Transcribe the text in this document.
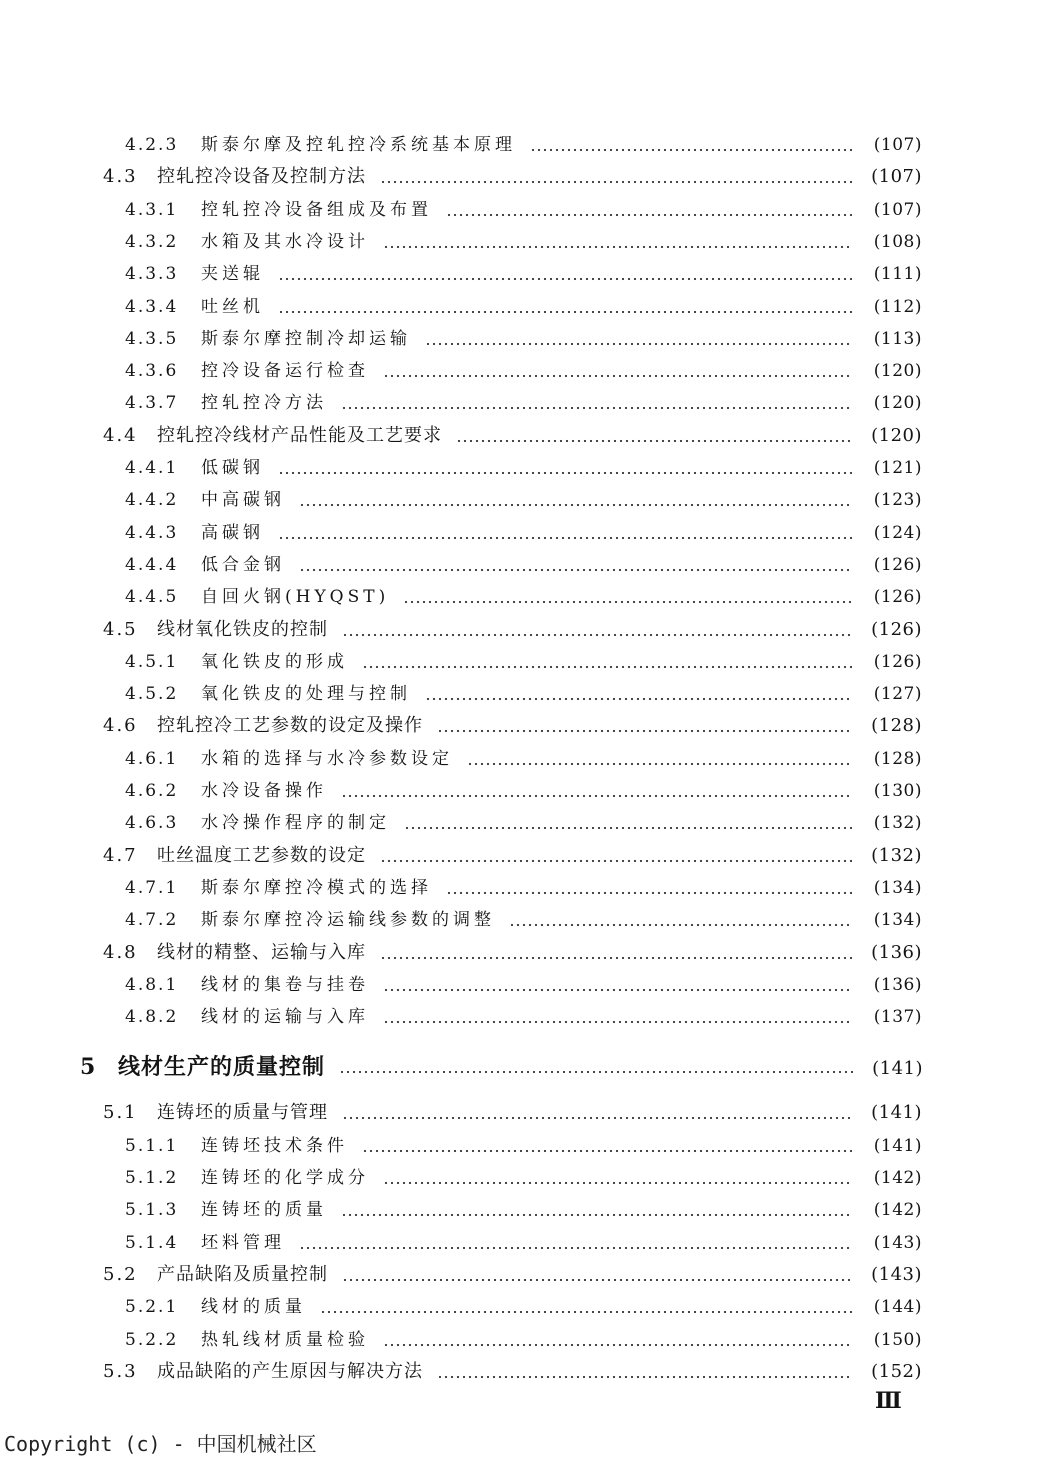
4.2.3	斯泰尔摩及控轧控冷系统基本原理	(107)
4.3	控轧控冷设备及控制方法	(107)
4.3.1	控轧控冷设备组成及布置	(107)
4.3.2	水箱及其水冷设计	(108)
4.3.3	夹送辊	(111)
4.3.4	吐丝机	(112)
4.3.5	斯泰尔摩控制冷却运输	(113)
4.3.6	控冷设备运行检查	(120)
4.3.7	控轧控冷方法	(120)
4.4	控轧控冷线材产品性能及工艺要求	(120)
4.4.1	低碳钢	(121)
4.4.2	中高碳钢	(123)
4.4.3	高碳钢	(124)
4.4.4	低合金钢	(126)
4.4.5	自回火钢(HYQST)	(126)
4.5	线材氧化铁皮的控制	(126)
4.5.1	氧化铁皮的形成	(126)
4.5.2	氧化铁皮的处理与控制	(127)
4.6	控轧控冷工艺参数的设定及操作	(128)
4.6.1	水箱的选择与水冷参数设定	(128)
4.6.2	水冷设备操作	(130)
4.6.3	水冷操作程序的制定	(132)
4.7	吐丝温度工艺参数的设定	(132)
4.7.1	斯泰尔摩控冷模式的选择	(134)
4.7.2	斯泰尔摩控冷运输线参数的调整	(134)
4.8	线材的精整、运输与入库	(136)
4.8.1	线材的集卷与挂卷	(136)
4.8.2	线材的运输与入库	(137)
5 线材生产的质量控制	(141)
5.1	连铸坯的质量与管理	(141)
5.1.1	连铸坯技术条件	(141)
5.1.2	连铸坯的化学成分	(142)
5.1.3	连铸坯的质量	(142)
5.1.4	坯料管理	(143)
5.2	产品缺陷及质量控制	(143)
5.2.1	线材的质量	(144)
5.2.2	热轧线材质量检验	(150)
5.3	成品缺陷的产生原因与解决方法	(152)
Ⅲ
Copyright (c) - 中国机械社区
